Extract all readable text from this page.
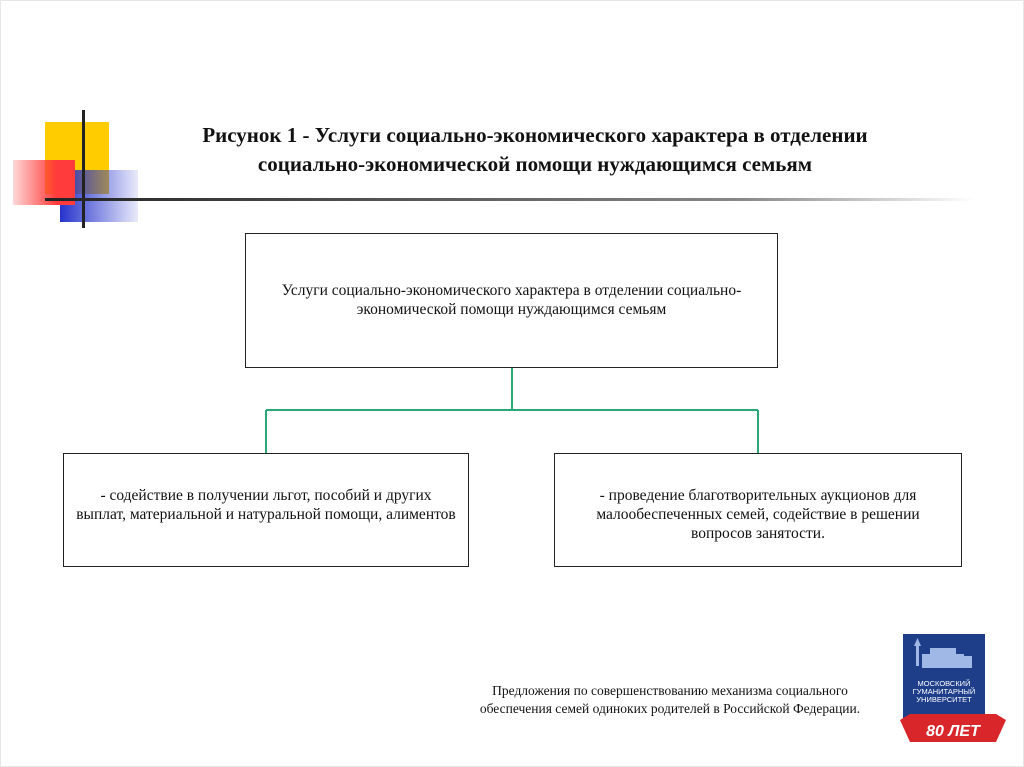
Рисунок 1 - Услуги социально-экономического характера в отделении
социально-экономической помощи нуждающимся семьям
Услуги социально-экономического характера в отделении социально-экономической помощи нуждающимся семьям
- содействие в получении льгот, пособий и других выплат, материальной и натуральной помощи, алиментов
- проведение благотворительных аукционов для малообеспеченных семей, содействие в решении вопросов занятости.
Предложения по совершенствованию механизма социального
обеспечения семей одиноких родителей в Российской Федерации.
МОСКОВСКИЙ
ГУМАНИТАРНЫЙ
УНИВЕРСИТЕТ
80 ЛЕТ
